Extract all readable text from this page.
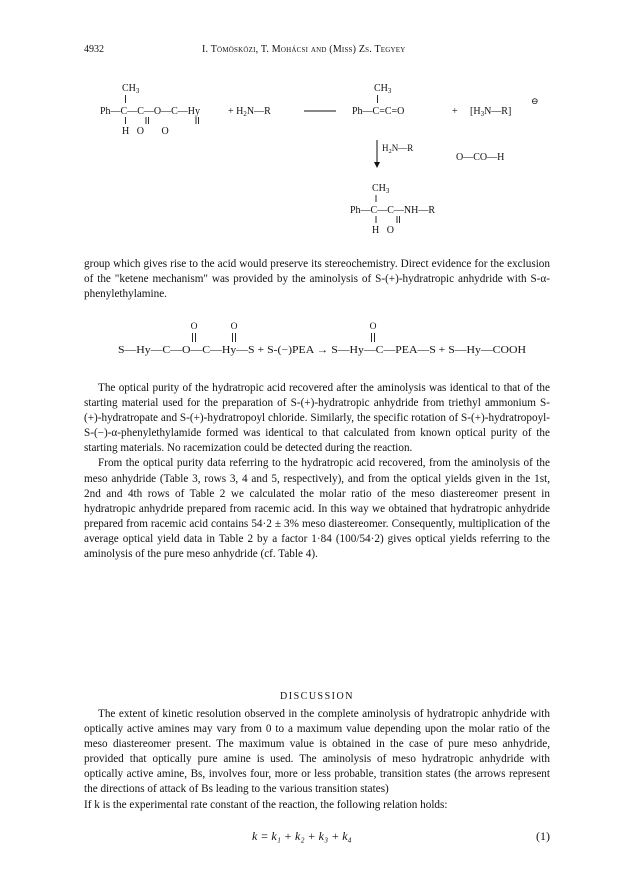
4932	I. Tömösközi, T. Mohácsi and (Miss) Zs. Tegyey
$CH_3$
Ph—C—C—O—C—Hy
H   O       O
+ $H_2N—R$
$CH_3$
Ph—C=C=O	+ $[H_3N—R]$
⊖
$H_2N—R$
O—CO—H
$CH_3$
Ph—C—C—NH—R
H   O

group which gives rise to the acid would preserve its stereochemistry. Direct evidence for the exclusion of the "ketene mechanism" was provided by the aminolysis of S-(+)-hydratropic anhydride with S-α-phenylethylamine.

O	O	O
S—Hy—C—O—C—Hy—S + S-(−)PEA → S—Hy—C—PEA—S + S—Hy—COOH

The optical purity of the hydratropic acid recovered after the aminolysis was identical to that of the starting material used for the preparation of S-(+)-hydratropic anhydride from triethyl ammonium S-(+)-hydratropate and S-(+)-hydratropoyl chloride. Similarly, the specific rotation of S-(+)-hydratropoyl-S-(−)-α-phenylethylamide formed was identical to that calculated from known optical purity of the starting materials. No racemization could be detected during the reaction.

From the optical purity data referring to the hydratropic acid recovered, from the aminolysis of the meso anhydride (Table 3, rows 3, 4 and 5, respectively), and from the optical yields given in the 1st, 2nd and 4th rows of Table 2 we calculated the molar ratio of the meso diastereomer present in hydratropic anhydride prepared from racemic acid. In this way we obtained that hydratropic anhydride prepared from racemic acid contains 54·2 ± 3% meso diastereomer. Consequently, multiplication of the average optical yield data in Table 2 by a factor 1·84 (100/54·2) gives optical yields referring to the aminolysis of the pure meso anhydride (cf. Table 4).

DISCUSSION

The extent of kinetic resolution observed in the complete aminolysis of hydratropic anhydride with optically active amines may vary from 0 to a maximum value depending upon the molar ratio of the meso diastereomer present. The maximum value is obtained in the case of pure meso anhydride, provided that optically pure amine is used. The aminolysis of meso hydratropic anhydride with optically active amine, Bs, involves four, more or less probable, transition states (the arrows represent the directions of attack of Bs leading to the various transition states)

If k is the experimental rate constant of the reaction, the following relation holds:

k = k₁ + k₂ + k₃ + k₄	(1)
